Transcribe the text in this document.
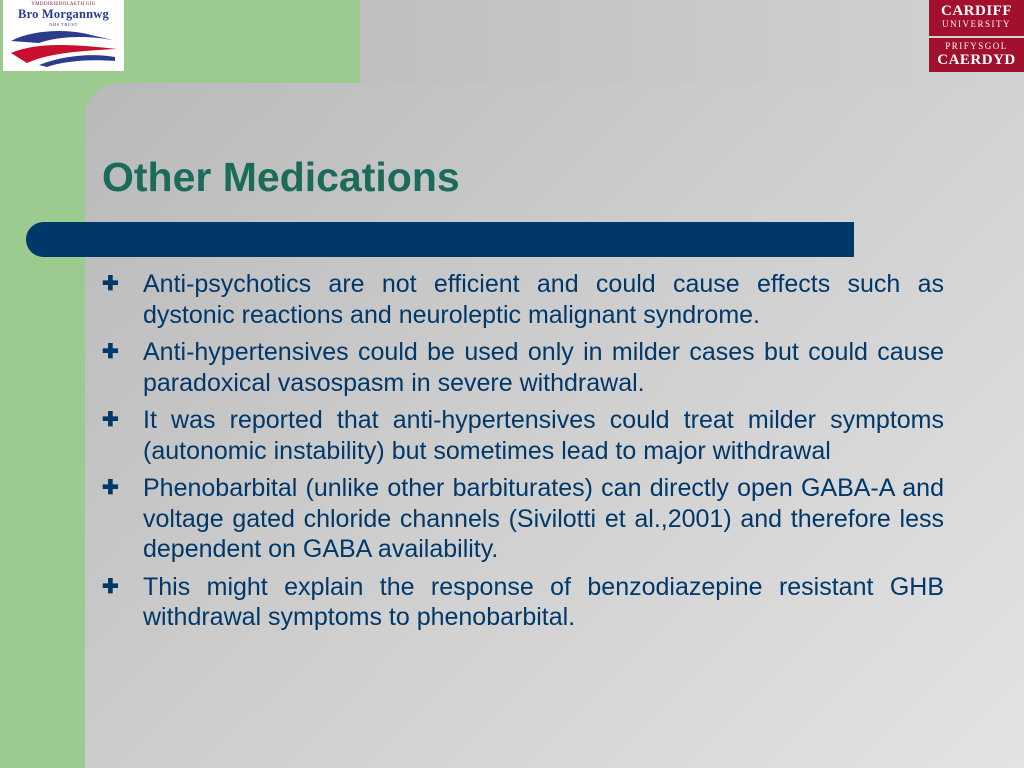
YMDDIRIEDOLAETH GIG
Bro Morgannwg
NHS TRUST
CARDIFF
UNIVERSITY
PRIFYSGOL
CAERDYD
Other Medications
✚ Anti-psychotics are not efficient and could cause effects such as dystonic reactions and neuroleptic malignant syndrome.
✚ Anti-hypertensives could be used only in milder cases but could cause paradoxical vasospasm in severe withdrawal.
✚ It was reported that anti-hypertensives could treat milder symptoms (autonomic instability) but sometimes lead to major withdrawal
✚ Phenobarbital (unlike other barbiturates) can directly open GABA-A and voltage gated chloride channels (Sivilotti et al.,2001) and therefore less dependent on GABA availability.
✚ This might explain the response of benzodiazepine resistant GHB withdrawal symptoms to phenobarbital.
